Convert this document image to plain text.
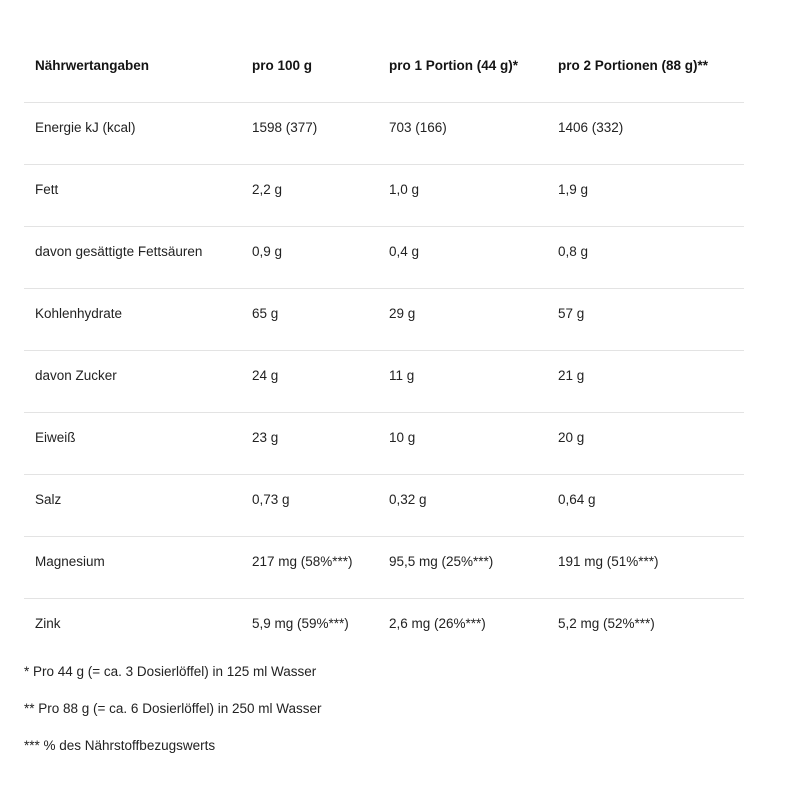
Nährwertangaben	pro 100 g	pro 1 Portion (44 g)*	pro 2 Portionen (88 g)**
Energie kJ (kcal)	1598 (377)	703 (166)	1406 (332)
Fett	2,2 g	1,0 g	1,9 g
davon gesättigte Fettsäuren	0,9 g	0,4 g	0,8 g
Kohlenhydrate	65 g	29 g	57 g
davon Zucker	24 g	11 g	21 g
Eiweiß	23 g	10 g	20 g
Salz	0,73 g	0,32 g	0,64 g
Magnesium	217 mg (58%***)	95,5 mg (25%***)	191 mg (51%***)
Zink	5,9 mg (59%***)	2,6 mg (26%***)	5,2 mg (52%***)
* Pro 44 g (= ca. 3 Dosierlöffel) in 125 ml Wasser
** Pro 88 g (= ca. 6 Dosierlöffel) in 250 ml Wasser
*** % des Nährstoffbezugswerts
